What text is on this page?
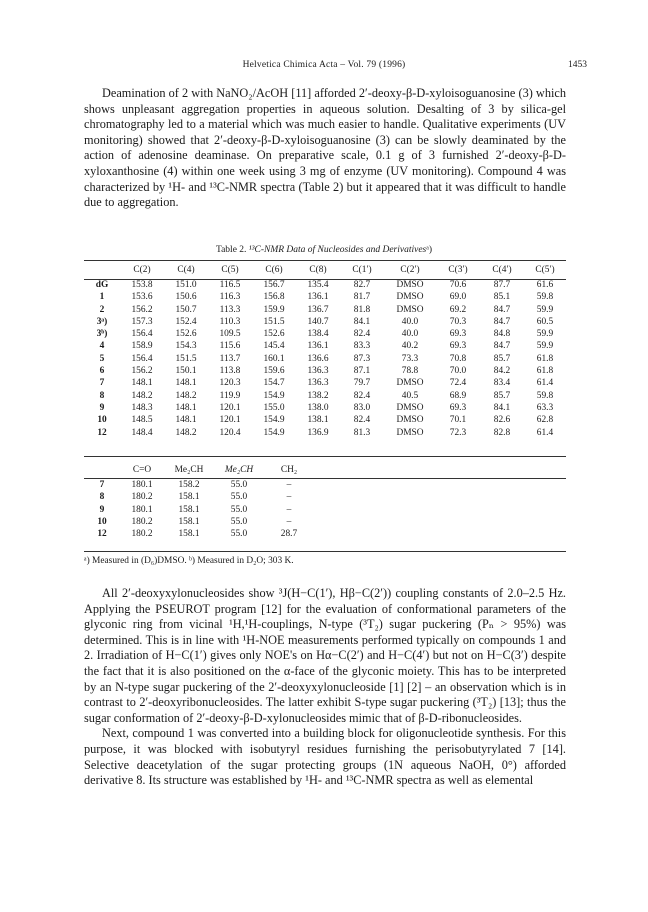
Helvetica Chimica Acta – Vol. 79 (1996)	1453

Deamination of 2 with NaNO₂/AcOH [11] afforded 2′-deoxy-β-D-xyloisoguanosine (3) which shows unpleasant aggregation properties in aqueous solution. Desalting of 3 by silica-gel chromatography led to a material which was much easier to handle. Qualitative experiments (UV monitoring) showed that 2′-deoxy-β-D-xyloisoguanosine (3) can be slowly deaminated by the action of adenosine deaminase. On preparative scale, 0.1 g of 3 furnished 2′-deoxy-β-D-xyloxanthosine (4) within one week using 3 mg of enzyme (UV monitoring). Compound 4 was characterized by ¹H- and ¹³C-NMR spectra (Table 2) but it appeared that it was difficult to handle due to aggregation.

Table 2. ¹³C-NMR Data of Nucleosides and Derivativesᵃ)
	C(2)	C(4)	C(5)	C(6)	C(8)	C(1′)	C(2′)	C(3′)	C(4′)	C(5′)
dG	153.8	151.0	116.5	156.7	135.4	82.7	DMSO	70.6	87.7	61.6
1	153.6	150.6	116.3	156.8	136.1	81.7	DMSO	69.0	85.1	59.8
2	156.2	150.7	113.3	159.9	136.7	81.8	DMSO	69.2	84.7	59.9
3ᵃ)	157.3	152.4	110.3	151.5	140.7	84.1	40.0	70.3	84.7	60.5
3ᵇ)	156.4	152.6	109.5	152.6	138.4	82.4	40.0	69.3	84.8	59.9
4	158.9	154.3	115.6	145.4	136.1	83.3	40.2	69.3	84.7	59.9
5	156.4	151.5	113.7	160.1	136.6	87.3	73.3	70.8	85.7	61.8
6	156.2	150.1	113.8	159.6	136.3	87.1	78.8	70.0	84.2	61.8
7	148.1	148.1	120.3	154.7	136.3	79.7	DMSO	72.4	83.4	61.4
8	148.2	148.2	119.9	154.9	138.2	82.4	40.5	68.9	85.7	59.8
9	148.3	148.1	120.1	155.0	138.0	83.0	DMSO	69.3	84.1	63.3
10	148.5	148.1	120.1	154.9	138.1	82.4	DMSO	70.1	82.6	62.8
12	148.4	148.2	120.4	154.9	136.9	81.3	DMSO	72.3	82.8	61.4
	C=O	Me₂CH	Me₂CH	CH₂
7	180.1	158.2	55.0	–
8	180.2	158.1	55.0	–
9	180.1	158.1	55.0	–
10	180.2	158.1	55.0	–
12	180.2	158.1	55.0	28.7
ᵃ) Measured in (D₆)DMSO. ᵇ) Measured in D₂O; 303 K.

All 2′-deoxyxylonucleosides show ³J(H−C(1′), Hβ−C(2′)) coupling constants of 2.0–2.5 Hz. Applying the PSEUROT program [12] for the evaluation of conformational parameters of the glyconic ring from vicinal ¹H,¹H-couplings, N-type (³T₂) sugar puckering (Pₙ > 95%) was determined. This is in line with ¹H-NOE measurements performed typically on compounds 1 and 2. Irradiation of H−C(1′) gives only NOE's on Hα−C(2′) and H−C(4′) but not on H−C(3′) despite the fact that it is also positioned on the α-face of the glyconic moiety. This has to be interpreted by an N-type sugar puckering of the 2′-deoxyxylonucleoside [1] [2] – an observation which is in contrast to 2′-deoxyribonucleosides. The latter exhibit S-type sugar puckering (³T₂) [13]; thus the sugar conformation of 2′-deoxy-β-D-xylonucleosides mimic that of β-D-ribonucleosides.

Next, compound 1 was converted into a building block for oligonucleotide synthesis. For this purpose, it was blocked with isobutyryl residues furnishing the perisobutyrylated 7 [14]. Selective deacetylation of the sugar protecting groups (1N aqueous NaOH, 0°) afforded derivative 8. Its structure was established by ¹H- and ¹³C-NMR spectra as well as elemental
